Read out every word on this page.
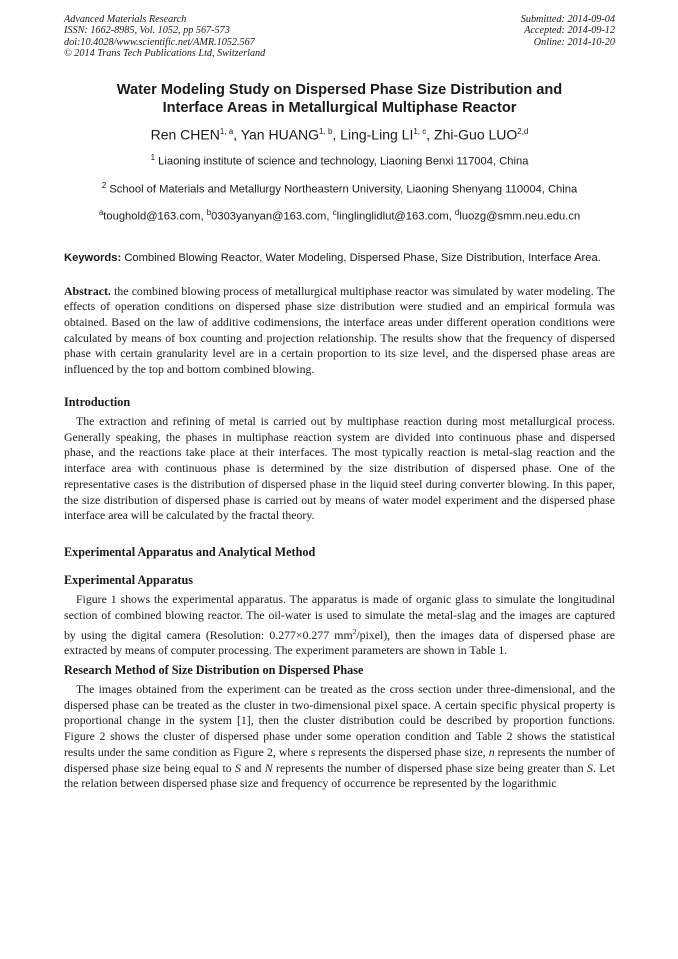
Advanced Materials Research
ISSN: 1662-8985, Vol. 1052, pp 567-573
doi:10.4028/www.scientific.net/AMR.1052.567
© 2014 Trans Tech Publications Ltd, Switzerland
Submitted: 2014-09-04
Accepted: 2014-09-12
Online: 2014-10-20
Water Modeling Study on Dispersed Phase Size Distribution and
Interface Areas in Metallurgical Multiphase Reactor
Ren CHEN$^{1, a}$, Yan HUANG$^{1, b}$, Ling-Ling LI$^{1, c}$, Zhi-Guo LUO$^{2,d}$
$^1$ Liaoning institute of science and technology, Liaoning Benxi 117004, China
$^2$ School of Materials and Metallurgy Northeastern University, Liaoning Shenyang 110004, China
$^a$toughold@163.com, $^b$0303yanyan@163.com, $^c$linglinglidlut@163.com, $^d$luozg@smm.neu.edu.cn
Keywords: Combined Blowing Reactor, Water Modeling, Dispersed Phase, Size Distribution, Interface Area.
Abstract. the combined blowing process of metallurgical multiphase reactor was simulated by water modeling. The effects of operation conditions on dispersed phase size distribution were studied and an empirical formula was obtained. Based on the law of additive codimensions, the interface areas under different operation conditions were calculated by means of box counting and projection relationship. The results show that the frequency of dispersed phase with certain granularity level are in a certain proportion to its size level, and the dispersed phase areas are influenced by the top and bottom combined blowing.
Introduction
The extraction and refining of metal is carried out by multiphase reaction during most metallurgical process. Generally speaking, the phases in multiphase reaction system are divided into continuous phase and dispersed phase, and the reactions take place at their interfaces. The most typically reaction is metal-slag reaction and the interface area with continuous phase is determined by the size distribution of dispersed phase. One of the representative cases is the distribution of dispersed phase in the liquid steel during converter blowing. In this paper, the size distribution of dispersed phase is carried out by means of water model experiment and the dispersed phase interface area will be calculated by the fractal theory.
Experimental Apparatus and Analytical Method
Experimental Apparatus
Figure 1 shows the experimental apparatus. The apparatus is made of organic glass to simulate the longitudinal section of combined blowing reactor. The oil-water is used to simulate the metal-slag and the images are captured by using the digital camera (Resolution: 0.277×0.277 $mm^2/pixel$), then the images data of dispersed phase are extracted by means of computer processing. The experiment parameters are shown in Table 1.
Research Method of Size Distribution on Dispersed Phase
The images obtained from the experiment can be treated as the cross section under three-dimensional, and the dispersed phase can be treated as the cluster in two-dimensional pixel space. A certain specific physical property is proportional change in the system [1], then the cluster distribution could be described by proportion functions. Figure 2 shows the cluster of dispersed phase under some operation condition and Table 2 shows the statistical results under the same condition as Figure 2, where s represents the dispersed phase size, n represents the number of dispersed phase size being equal to S and N represents the number of dispersed phase size being greater than S. Let the relation between dispersed phase size and frequency of occurrence be represented by the logarithmic
